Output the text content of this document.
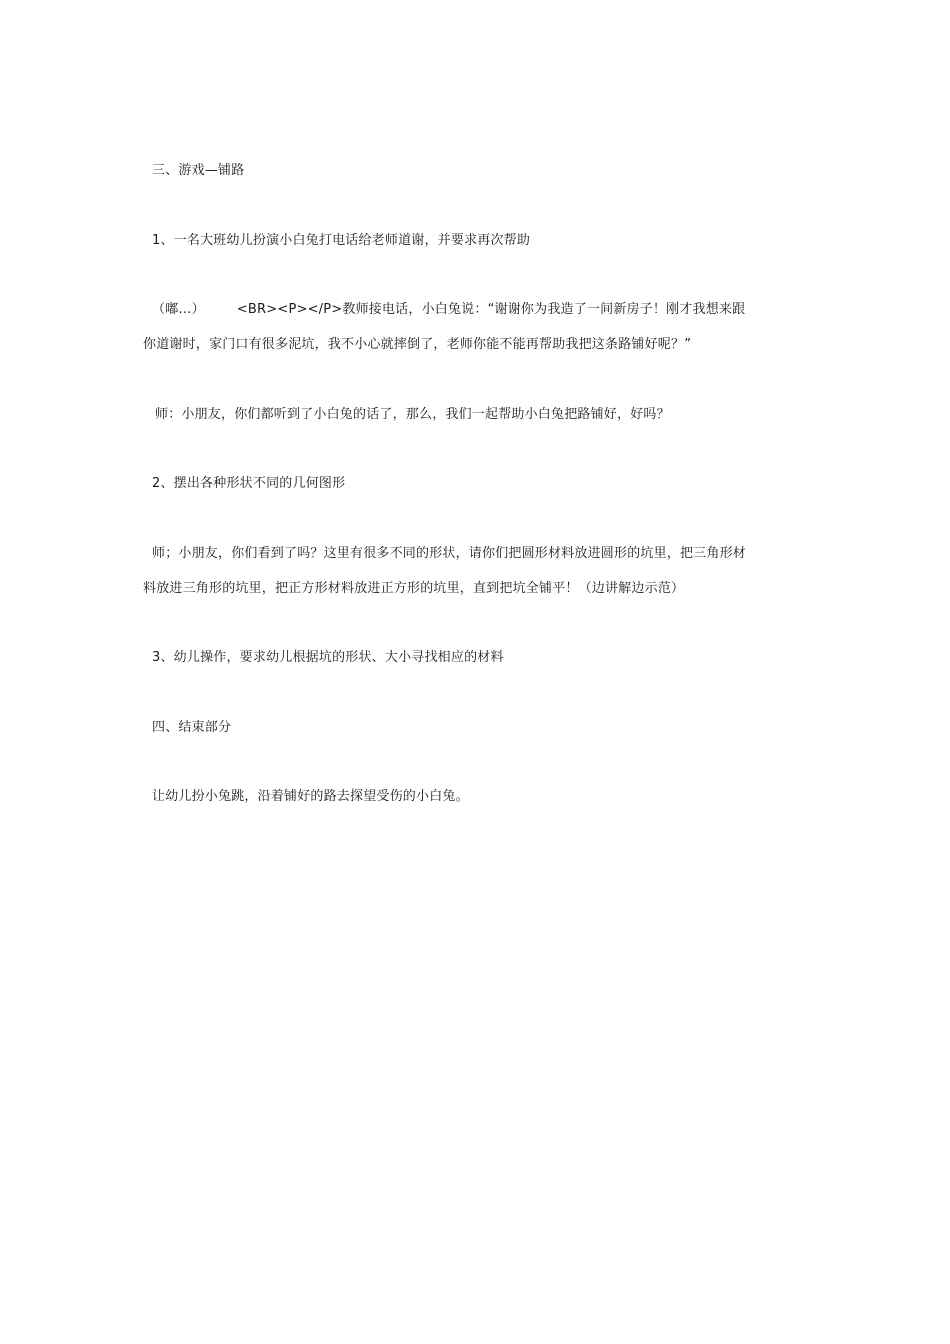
三、游戏—铺路
1、一名大班幼儿扮演小白兔打电话给老师道谢，并要求再次帮助
（嘟…） <BR><P></P>教师接电话，小白兔说：“谢谢你为我造了一间新房子！刚才我想来跟
你道谢时，家门口有很多泥坑，我不小心就摔倒了，老师你能不能再帮助我把这条路铺好呢？”
师：小朋友，你们都听到了小白兔的话了，那么，我们一起帮助小白兔把路铺好，好吗？
2、摆出各种形状不同的几何图形
师；小朋友，你们看到了吗？这里有很多不同的形状，请你们把圆形材料放进圆形的坑里，把三角形材
料放进三角形的坑里，把正方形材料放进正方形的坑里，直到把坑全铺平！（边讲解边示范）
3、幼儿操作，要求幼儿根据坑的形状、大小寻找相应的材料
四、结束部分
让幼儿扮小兔跳，沿着铺好的路去探望受伤的小白兔。
